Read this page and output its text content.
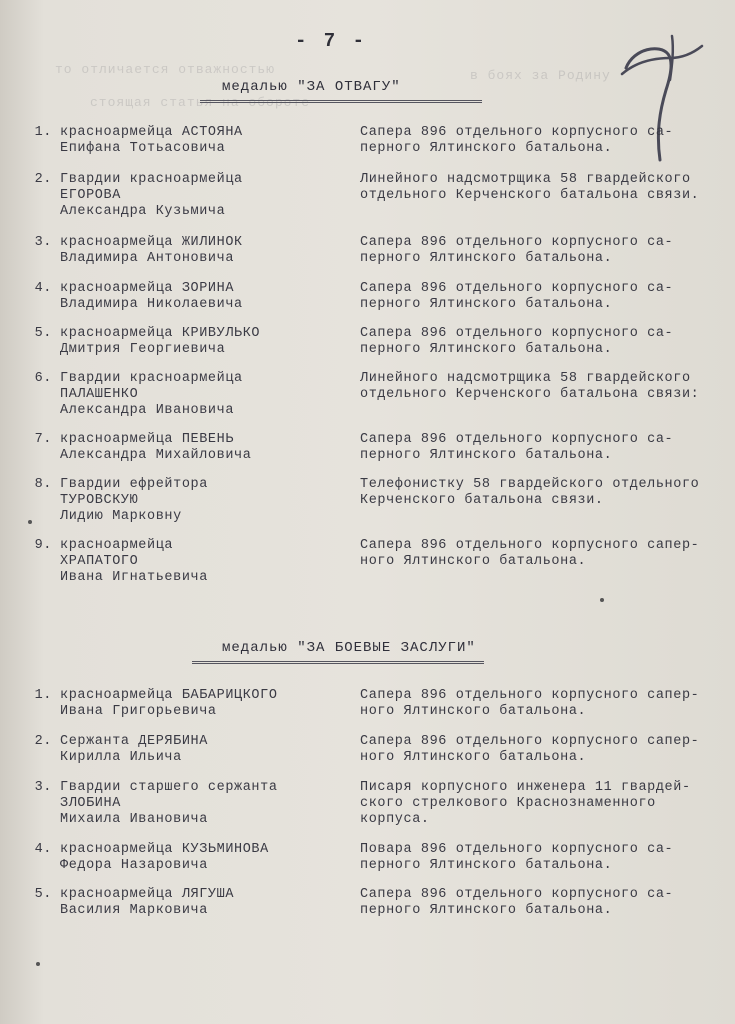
то отличается отважностью
стоящая статья на обороте
в боях за Родину
- 7 -
медалью "ЗА ОТВАГУ"
1. красноармейца АСТОЯНА
Епифана Тотьасовича
Сапера 896 отдельного корпусного са-
перного Ялтинского батальона.
2. Гвардии красноармейца
ЕГОРОВА
Александра Кузьмича
Линейного надсмотрщика 58 гвардейского
отдельного Керченского батальона связи.
3. красноармейца ЖИЛИНОК
Владимира Антоновича
Сапера 896 отдельного корпусного са-
перного Ялтинского батальона.
4. красноармейца ЗОРИНА
Владимира Николаевича
Сапера 896 отдельного корпусного са-
перного Ялтинского батальона.
5. красноармейца КРИВУЛЬКО
Дмитрия Георгиевича
Сапера 896 отдельного корпусного са-
перного Ялтинского батальона.
6. Гвардии красноармейца
ПАЛАШЕНКО
Александра Ивановича
Линейного надсмотрщика 58 гвардейского
отдельного Керченского батальона связи:
7. красноармейца ПЕВЕНЬ
Александра Михайловича
Сапера 896 отдельного корпусного са-
перного Ялтинского батальона.
8. Гвардии ефрейтора
ТУРОВСКУЮ
Лидию Марковну
Телефонистку 58 гвардейского отдельного
Керченского батальона связи.
9. красноармейца
ХРАПАТОГО
Ивана Игнатьевича
Сапера 896 отдельного корпусного сапер-
ного Ялтинского батальона.
медалью "ЗА БОЕВЫЕ ЗАСЛУГИ"
1. красноармейца БАБАРИЦКОГО
Ивана Григорьевича
Сапера 896 отдельного корпусного сапер-
ного Ялтинского батальона.
2. Сержанта ДЕРЯБИНА
Кирилла Ильича
Сапера 896 отдельного корпусного сапер-
ного Ялтинского батальона.
3. Гвардии старшего сержанта
ЗЛОБИНА
Михаила Ивановича
Писаря корпусного инженера 11 гвардей-
ского стрелкового Краснознаменного
корпуса.
4. красноармейца КУЗЬМИНОВА
Федора Назаровича
Повара 896 отдельного корпусного са-
перного Ялтинского батальона.
5. красноармейца ЛЯГУША
Василия Марковича
Сапера 896 отдельного корпусного са-
перного Ялтинского батальона.
